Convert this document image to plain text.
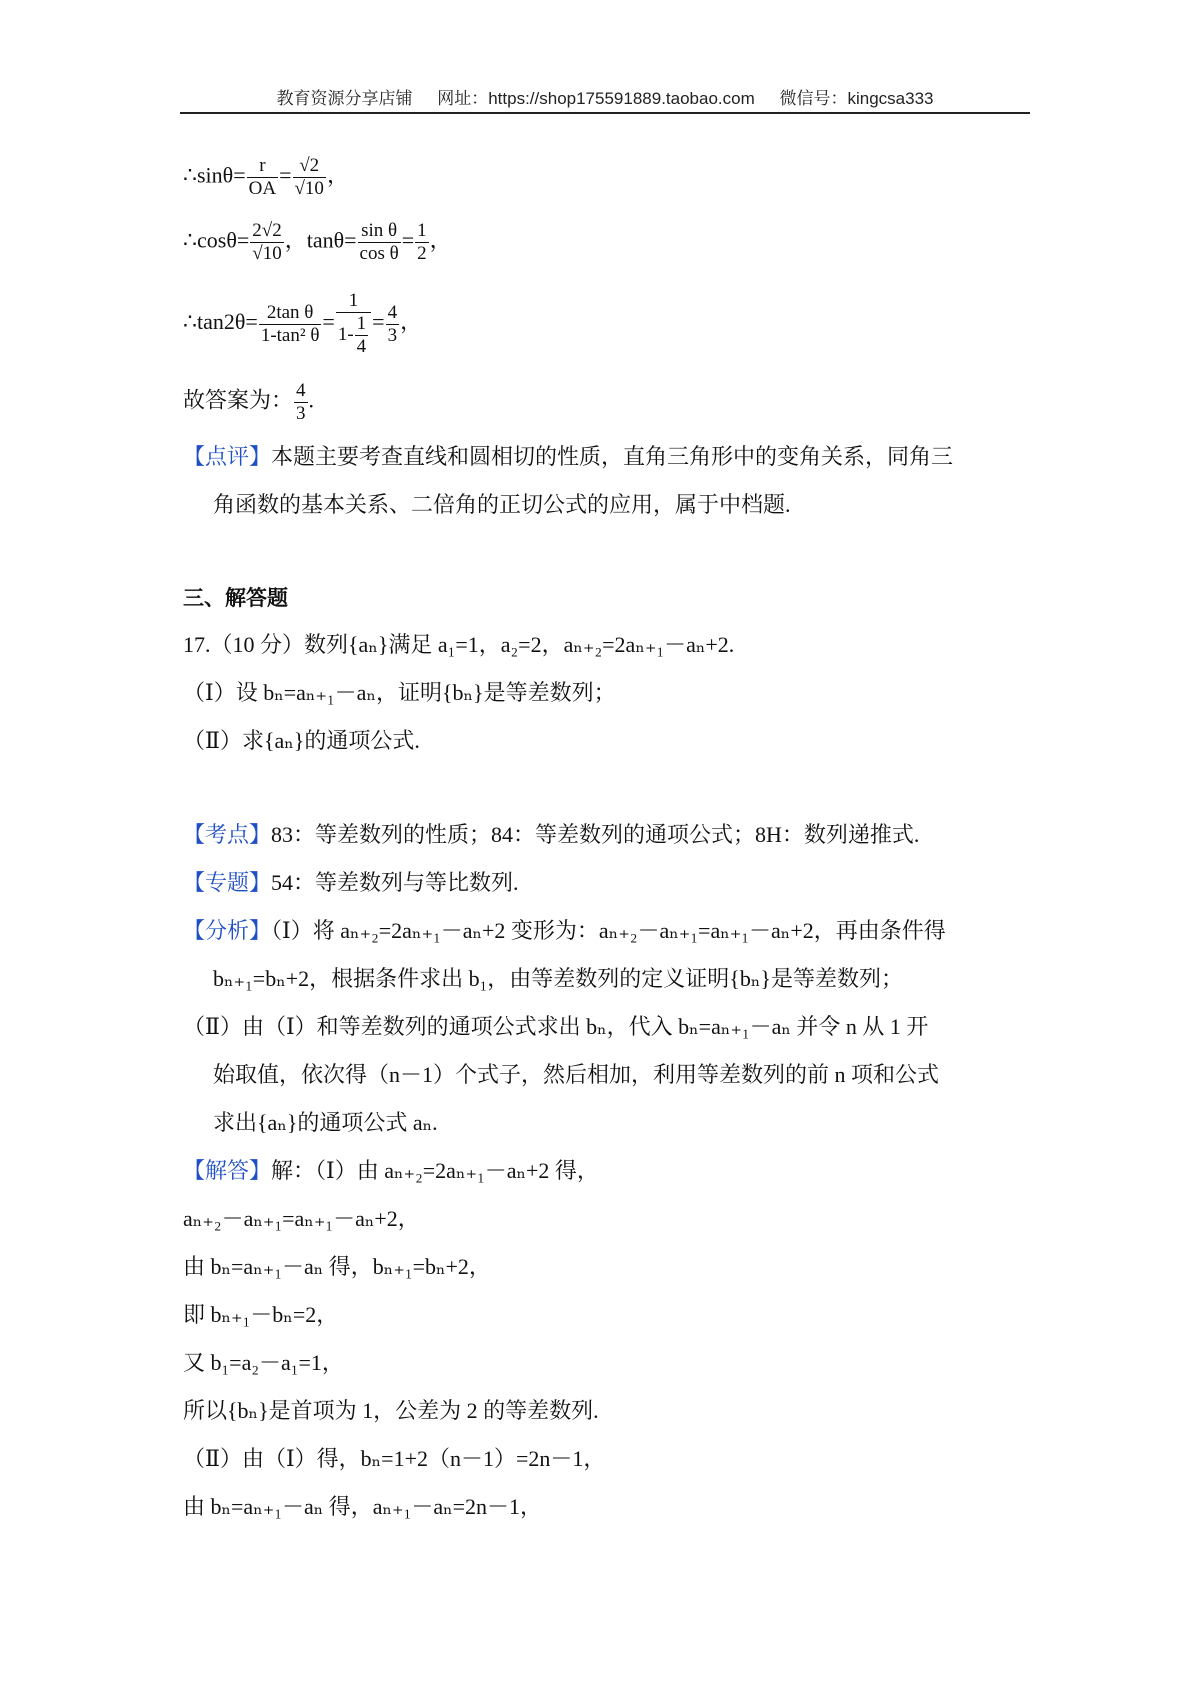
教育资源分享店铺 网址：https://shop175591889.taobao.com 微信号：kingcsa333
∴sinθ= $\frac{r}{OA} = \frac{√2}{√10}$ ，
∴cosθ= $\frac{2√2}{√10}$ ，$\tan\theta= \frac{\text{sin θ}}{\text{cos θ}} = \frac{1}{2}$ ，
∴tan2θ= $\frac{\text{2tan θ}}{\text{1-tan² θ}} = \frac{1}{1- \frac{1}{4}} = \frac{4}{3}$ ，
故答案为： $\frac{4}{3}$ .
【点评】本题主要考查直线和圆相切的性质，直角三角形中的变角关系，同角三
角函数的基本关系、二倍角的正切公式的应用，属于中档题.
三、解答题
17.（10 分）数列{aₙ}满足 a₁=1，a₂=2，aₙ₊₂=2aₙ₊₁－aₙ+2.
（Ⅰ）设 bₙ=aₙ₊₁－aₙ，证明{bₙ}是等差数列；
（Ⅱ）求{aₙ}的通项公式.
【考点】83：等差数列的性质；84：等差数列的通项公式；8H：数列递推式.
【专题】54：等差数列与等比数列.
【分析】（Ⅰ）将 aₙ₊₂=2aₙ₊₁－aₙ+2 变形为：aₙ₊₂－aₙ₊₁=aₙ₊₁－aₙ+2，再由条件得
bₙ₊₁=bₙ+2，根据条件求出 b₁，由等差数列的定义证明{bₙ}是等差数列；
（Ⅱ）由（Ⅰ）和等差数列的通项公式求出 bₙ，代入 bₙ=aₙ₊₁－aₙ 并令 n 从 1 开
始取值，依次得（n－1）个式子，然后相加，利用等差数列的前 n 项和公式
求出{aₙ}的通项公式 aₙ.
【解答】解：（Ⅰ）由 aₙ₊₂=2aₙ₊₁－aₙ+2 得，
aₙ₊₂－aₙ₊₁=aₙ₊₁－aₙ+2，
由 bₙ=aₙ₊₁－aₙ 得，bₙ₊₁=bₙ+2，
即 bₙ₊₁－bₙ=2，
又 b₁=a₂－a₁=1，
所以{bₙ}是首项为 1，公差为 2 的等差数列.
（Ⅱ）由（Ⅰ）得，bₙ=1+2（n－1）=2n－1，
由 bₙ=aₙ₊₁－aₙ 得，aₙ₊₁－aₙ=2n－1，
